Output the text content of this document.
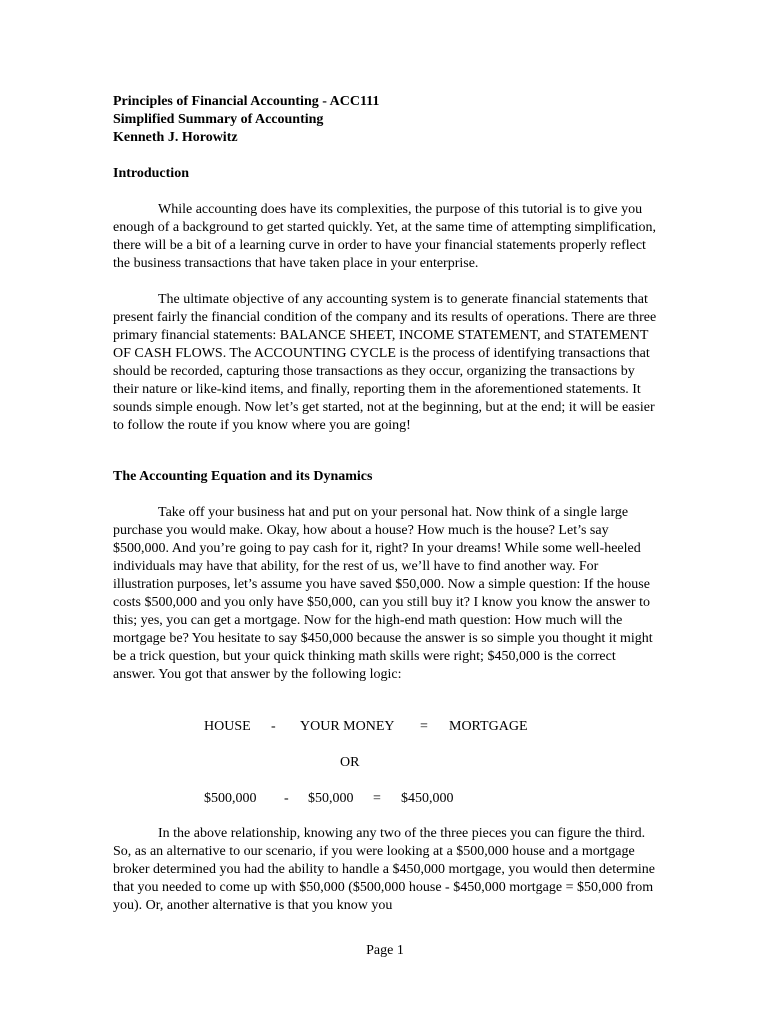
Principles of Financial Accounting - ACC111
Simplified Summary of Accounting
Kenneth J. Horowitz
Introduction

While accounting does have its complexities, the purpose of this tutorial is to give you enough of a background to get started quickly. Yet, at the same time of attempting simplification, there will be a bit of a learning curve in order to have your financial statements properly reflect the business transactions that have taken place in your enterprise.

The ultimate objective of any accounting system is to generate financial statements that present fairly the financial condition of the company and its results of operations. There are three primary financial statements: BALANCE SHEET, INCOME STATEMENT, and STATEMENT OF CASH FLOWS. The ACCOUNTING CYCLE is the process of identifying transactions that should be recorded, capturing those transactions as they occur, organizing the transactions by their nature or like-kind items, and finally, reporting them in the aforementioned statements. It sounds simple enough. Now let’s get started, not at the beginning, but at the end; it will be easier to follow the route if you know where you are going!

The Accounting Equation and its Dynamics

Take off your business hat and put on your personal hat. Now think of a single large purchase you would make. Okay, how about a house? How much is the house? Let’s say $500,000. And you’re going to pay cash for it, right? In your dreams! While some well-heeled individuals may have that ability, for the rest of us, we’ll have to find another way. For illustration purposes, let’s assume you have saved $50,000. Now a simple question: If the house costs $500,000 and you only have $50,000, can you still buy it? I know you know the answer to this; yes, you can get a mortgage. Now for the high-end math question: How much will the mortgage be? You hesitate to say $450,000 because the answer is so simple you thought it might be a trick question, but your quick thinking math skills were right; $450,000 is the correct answer. You got that answer by the following logic:

HOUSE - YOUR MONEY = MORTGAGE
OR
$500,000 - $50,000 = $450,000

In the above relationship, knowing any two of the three pieces you can figure the third. So, as an alternative to our scenario, if you were looking at a $500,000 house and a mortgage broker determined you had the ability to handle a $450,000 mortgage, you would then determine that you needed to come up with $50,000 ($500,000 house - $450,000 mortgage = $50,000 from you). Or, another alternative is that you know you

Page 1
